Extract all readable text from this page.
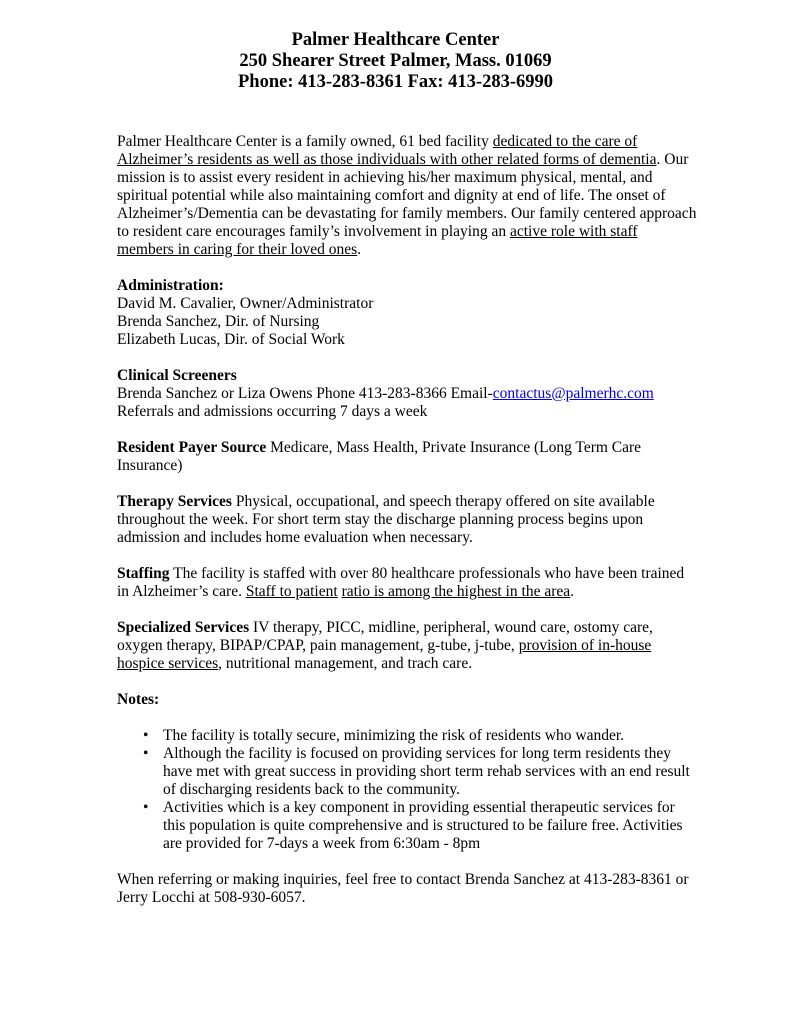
Palmer Healthcare Center
250 Shearer Street Palmer, Mass. 01069
Phone: 413-283-8361 Fax: 413-283-6990

Palmer Healthcare Center is a family owned, 61 bed facility dedicated to the care of Alzheimer’s residents as well as those individuals with other related forms of dementia. Our mission is to assist every resident in achieving his/her maximum physical, mental, and spiritual potential while also maintaining comfort and dignity at end of life. The onset of Alzheimer’s/Dementia can be devastating for family members. Our family centered approach to resident care encourages family’s involvement in playing an active role with staff members in caring for their loved ones.

Administration:
David M. Cavalier, Owner/Administrator
Brenda Sanchez, Dir. of Nursing
Elizabeth Lucas, Dir. of Social Work
Clinical Screeners
Brenda Sanchez or Liza Owens Phone 413-283-8366 Email-contactus@palmerhc.com
Referrals and admissions occurring 7 days a week

Resident Payer Source Medicare, Mass Health, Private Insurance (Long Term Care Insurance)

Therapy Services Physical, occupational, and speech therapy offered on site available throughout the week. For short term stay the discharge planning process begins upon admission and includes home evaluation when necessary.

Staffing The facility is staffed with over 80 healthcare professionals who have been trained in Alzheimer’s care. Staff to patient ratio is among the highest in the area.

Specialized Services IV therapy, PICC, midline, peripheral, wound care, ostomy care, oxygen therapy, BIPAP/CPAP, pain management, g-tube, j-tube, provision of in-house hospice services, nutritional management, and trach care.

Notes:
• The facility is totally secure, minimizing the risk of residents who wander.
• Although the facility is focused on providing services for long term residents they have met with great success in providing short term rehab services with an end result of discharging residents back to the community.
• Activities which is a key component in providing essential therapeutic services for this population is quite comprehensive and is structured to be failure free. Activities are provided for 7-days a week from 6:30am - 8pm

When referring or making inquiries, feel free to contact Brenda Sanchez at 413-283-8361 or Jerry Locchi at 508-930-6057.
